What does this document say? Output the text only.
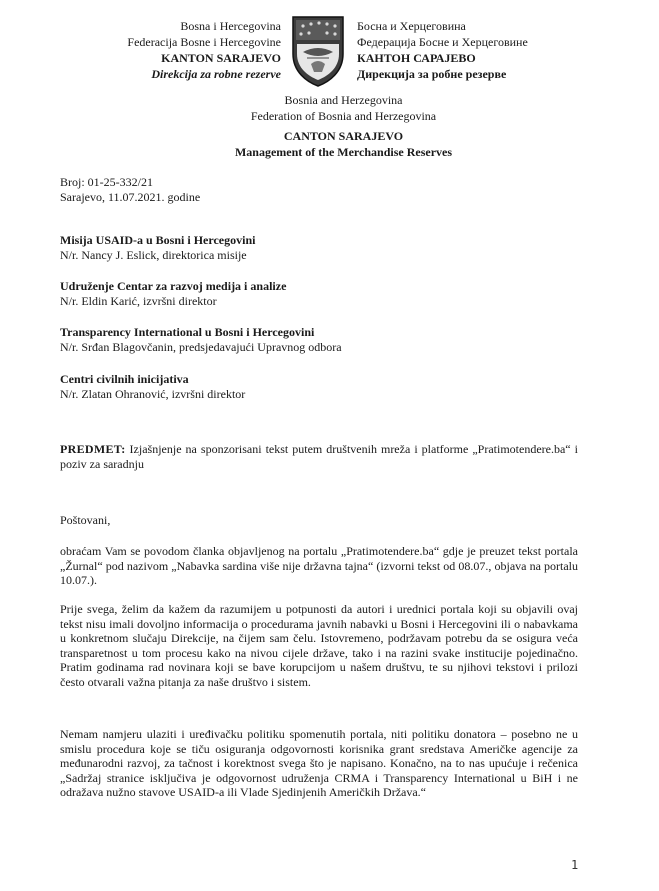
Bosna i Hercegovina
Federacija Bosne i Hercegovine
KANTON SARAJEVO
Direkcija za robne rezerve
Босна и Херцеговина
Федерација Босне и Херцеговине
КАНТОН САРАЈЕВО
Дирекција за робне резерве
Bosnia and Herzegovina
Federation of Bosnia and Herzegovina
CANTON SARAJEVO
Management of the Merchandise Reserves
Broj: 01-25-332/21
Sarajevo, 11.07.2021. godine
Misija USAID-a u Bosni i Hercegovini
N/r. Nancy J. Eslick, direktorica misije
Udruženje Centar za razvoj medija i analize
N/r. Eldin Karić, izvršni direktor
Transparency International u Bosni i Hercegovini
N/r. Srđan Blagovčanin, predsjedavajući Upravnog odbora
Centri civilnih inicijativa
N/r. Zlatan Ohranović, izvršni direktor
PREDMET: Izjašnjenje na sponzorisani tekst putem društvenih mreža i platforme „Pratimotendere.ba“ i poziv za saradnju
Poštovani,
obraćam Vam se povodom članka objavljenog na portalu „Pratimotendere.ba“ gdje je preuzet tekst portala „Žurnal“ pod nazivom „Nabavka sardina više nije državna tajna“ (izvorni tekst od 08.07., objava na portalu 10.07.).
Prije svega, želim da kažem da razumijem u potpunosti da autori i urednici portala koji su objavili ovaj tekst nisu imali dovoljno informacija o procedurama javnih nabavki u Bosni i Hercegovini ili o nabavkama u konkretnom slučaju Direkcije, na čijem sam čelu. Istovremeno, podržavam potrebu da se osigura veća transparetnost u tom procesu kako na nivou cijele države, tako i na razini svake institucije pojedinačno. Pratim godinama rad novinara koji se bave korupcijom u našem društvu, te su njihovi tekstovi i prilozi često otvarali važna pitanja za naše društvo i sistem.
Nemam namjeru ulaziti i uređivačku politiku spomenutih portala, niti politiku donatora – posebno ne u smislu procedura koje se tiču osiguranja odgovornosti korisnika grant sredstava Američke agencije za međunarodni razvoj, za tačnost i korektnost svega što je napisano. Konačno, na to nas upućuje i rečenica „Sadržaj stranice isključiva je odgovornost udruženja CRMA i Transparency International u BiH i ne odražava nužno stavove USAID-a ili Vlade Sjedinjenih Američkih Država.“
1
